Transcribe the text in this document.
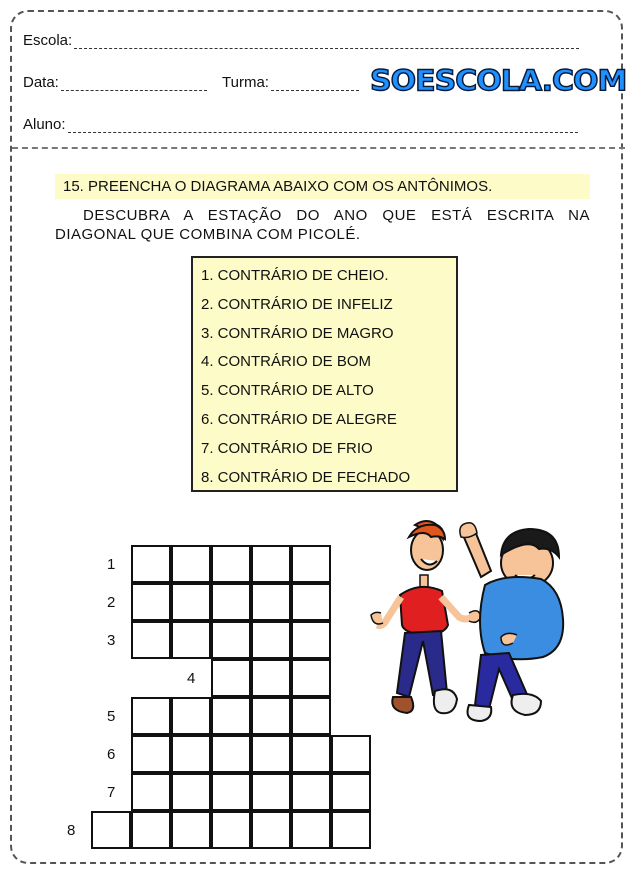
Escola:
Data:	Turma:	SOESCOLA.COM
Aluno:
15. PREENCHA O DIAGRAMA ABAIXO COM OS ANTÔNIMOS.
DESCUBRA A ESTAÇÃO DO ANO QUE ESTÁ ESCRITA NA DIAGONAL QUE COMBINA COM PICOLÉ.
1. CONTRÁRIO DE CHEIO.
2. CONTRÁRIO DE INFELIZ
3. CONTRÁRIO DE MAGRO
4. CONTRÁRIO DE BOM
5. CONTRÁRIO DE ALTO
6. CONTRÁRIO DE ALEGRE
7. CONTRÁRIO DE FRIO
8. CONTRÁRIO DE FECHADO
1
2
3
4
5
6
7
8
